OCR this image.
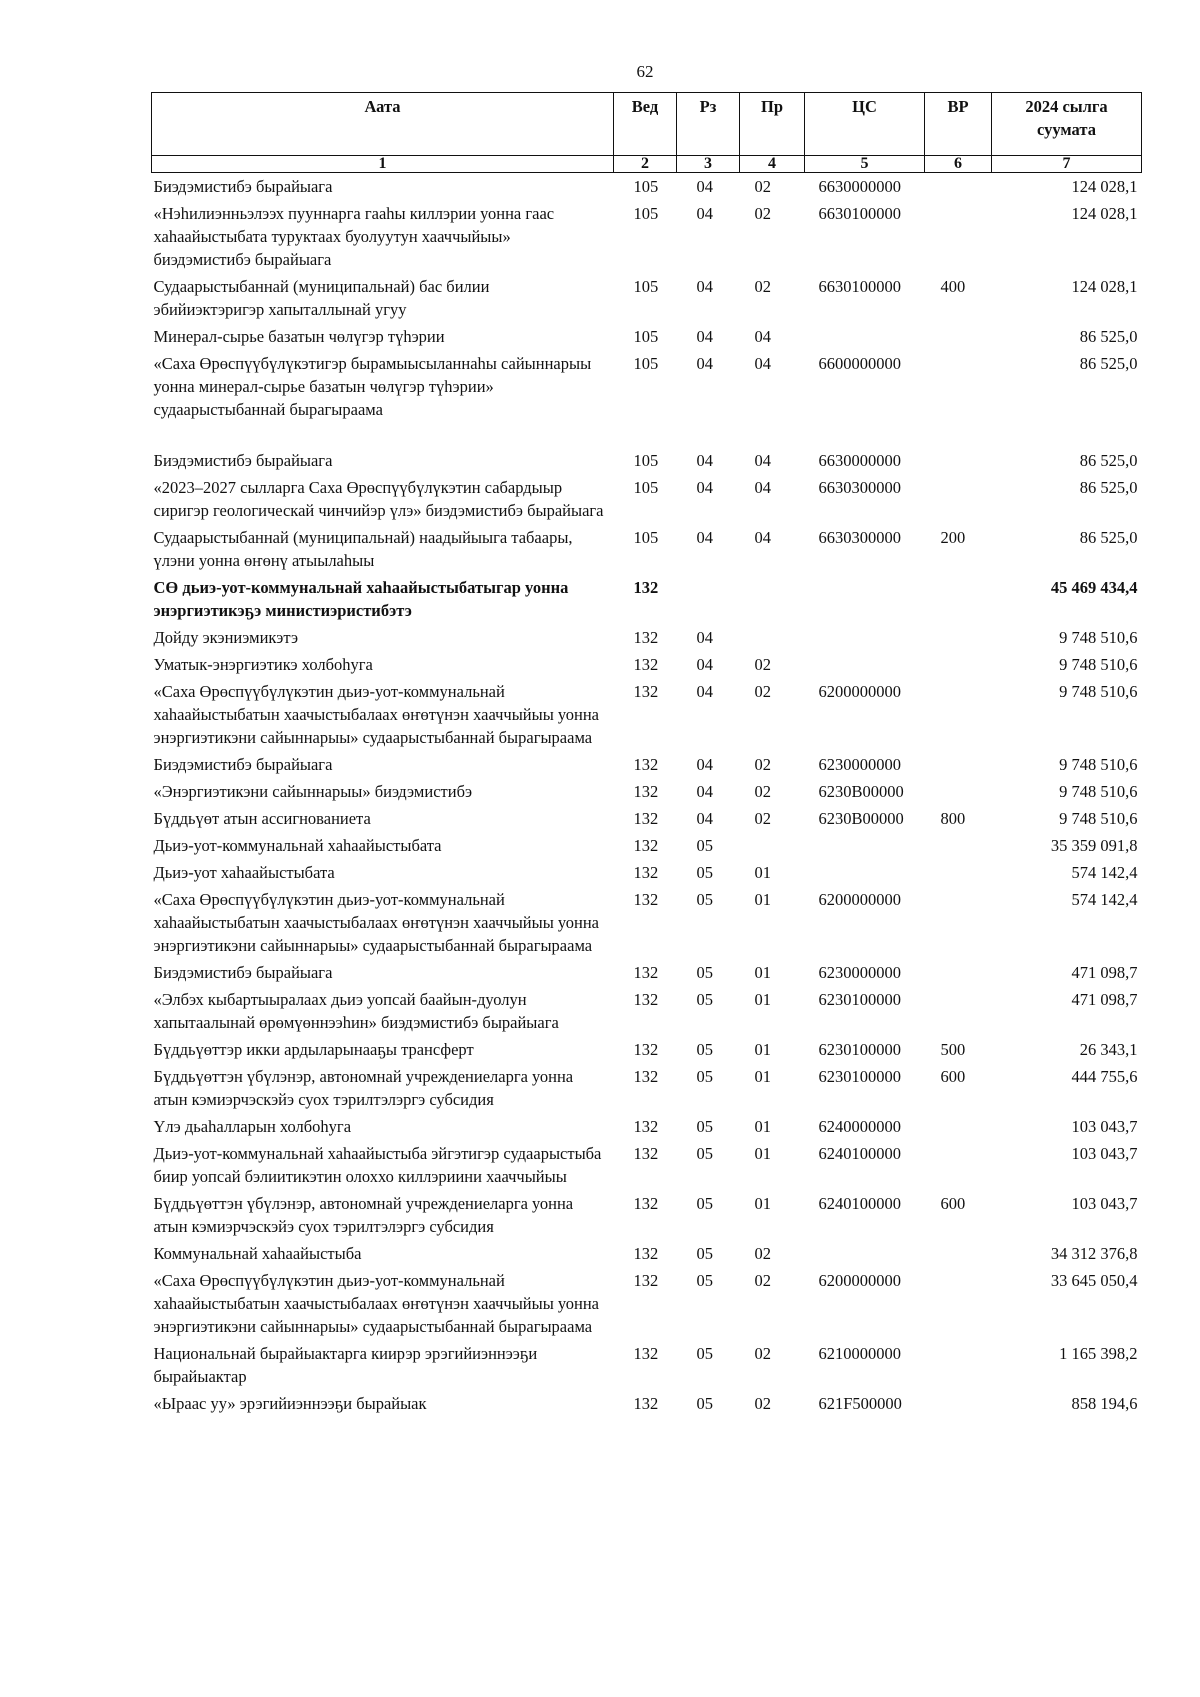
62
Аата	Вед	Рз	Пр	ЦС	ВР	2024 сылга суумата
1	2	3	4	5	6	7
Биэдэмистибэ бырайыага	105	04	02	6630000000		124 028,1
«Нэһилиэнньэлээх пууннарга гааһы киллэрии уонна гаас хаһаайыстыбата туруктаах буолуутун хааччыйыы» биэдэмистибэ бырайыага	105	04	02	6630100000		124 028,1
Судаарыстыбаннай (муниципальнай) бас билии эбийиэктэригэр хапыталлынай угуу	105	04	02	6630100000	400	124 028,1
Минерал-сырье базатын чөлүгэр түһэрии	105	04	04			86 525,0
«Саха Өрөспүүбүлүкэтигэр бырамыысыланнаһы сайыннарыы уонна минерал-сырье базатын чөлүгэр түһэрии» судаарыстыбаннай бырагыраама	105	04	04	6600000000		86 525,0
Биэдэмистибэ бырайыага	105	04	04	6630000000		86 525,0
«2023–2027 сылларга Саха Өрөспүүбүлүкэтин сабардыыр сиригэр геологическай чинчийэр үлэ» биэдэмистибэ бырайыага	105	04	04	6630300000		86 525,0
Судаарыстыбаннай (муниципальнай) наадыйыыга табаары, үлэни уонна өҥөнү атыылаһыы	105	04	04	6630300000	200	86 525,0
СӨ дьиэ-уот-коммунальнай хаһаайыстыбатыгар уонна энэргиэтикэҕэ министиэристибэтэ	132					45 469 434,4
Дойду экэниэмикэтэ	132	04				9 748 510,6
Уматык-энэргиэтикэ холбоһуга	132	04	02			9 748 510,6
«Саха Өрөспүүбүлүкэтин дьиэ-уот-коммунальнай хаһаайыстыбатын хаачыстыбалаах өҥөтүнэн хааччыйыы уонна энэргиэтикэни сайыннарыы» судаарыстыбаннай бырагыраама	132	04	02	6200000000		9 748 510,6
Биэдэмистибэ бырайыага	132	04	02	6230000000		9 748 510,6
«Энэргиэтикэни сайыннарыы» биэдэмистибэ	132	04	02	6230В00000		9 748 510,6
Бүддьүөт атын ассигнованиета	132	04	02	6230В00000	800	9 748 510,6
Дьиэ-уот-коммунальнай хаһаайыстыбата	132	05				35 359 091,8
Дьиэ-уот хаһаайыстыбата	132	05	01			574 142,4
«Саха Өрөспүүбүлүкэтин дьиэ-уот-коммунальнай хаһаайыстыбатын хаачыстыбалаах өҥөтүнэн хааччыйыы уонна энэргиэтикэни сайыннарыы» судаарыстыбаннай бырагыраама	132	05	01	6200000000		574 142,4
Биэдэмистибэ бырайыага	132	05	01	6230000000		471 098,7
«Элбэх кыбартыыралаах дьиэ уопсай баайын-дуолун хапытаалынай өрөмүөннээһин» биэдэмистибэ бырайыага	132	05	01	6230100000		471 098,7
Бүддьүөттэр икки ардыларынааҕы трансферт	132	05	01	6230100000	500	26 343,1
Бүддьүөттэн үбүлэнэр, автономнай учреждениеларга уонна атын кэмиэрчэскэйэ суох тэрилтэлэргэ субсидия	132	05	01	6230100000	600	444 755,6
Үлэ дьаһалларын холбоһуга	132	05	01	6240000000		103 043,7
Дьиэ-уот-коммунальнай хаһаайыстыба эйгэтигэр судаарыстыба биир уопсай бэлиитикэтин олоххо киллэриини хааччыйыы	132	05	01	6240100000		103 043,7
Бүддьүөттэн үбүлэнэр, автономнай учреждениеларга уонна атын кэмиэрчэскэйэ суох тэрилтэлэргэ субсидия	132	05	01	6240100000	600	103 043,7
Коммунальнай хаһаайыстыба	132	05	02			34 312 376,8
«Саха Өрөспүүбүлүкэтин дьиэ-уот-коммунальнай хаһаайыстыбатын хаачыстыбалаах өҥөтүнэн хааччыйыы уонна энэргиэтикэни сайыннарыы» судаарыстыбаннай бырагыраама	132	05	02	6200000000		33 645 050,4
Национальнай бырайыактарга киирэр эрэгийиэннээҕи бырайыактар	132	05	02	6210000000		1 165 398,2
«Ыраас уу» эрэгийиэннээҕи бырайыак	132	05	02	621F500000		858 194,6
